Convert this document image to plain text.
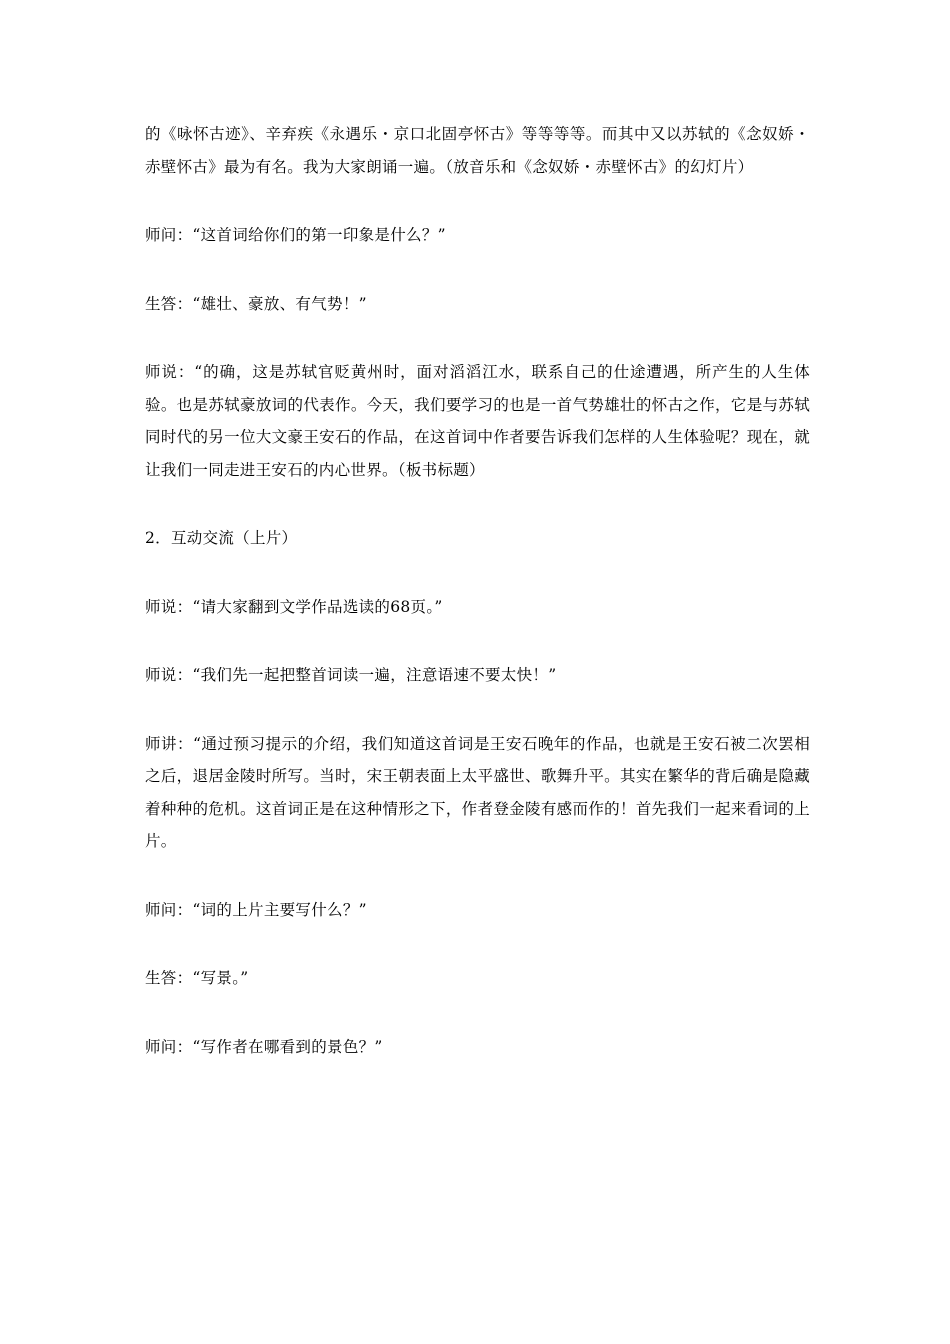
的《咏怀古迹》、辛弃疾《永遇乐・京口北固亭怀古》等等等等。而其中又以苏轼的《念奴娇・赤壁怀古》最为有名。我为大家朗诵一遍。（放音乐和《念奴娇・赤壁怀古》的幻灯片）

师问：“这首词给你们的第一印象是什么？”

生答：“雄壮、豪放、有气势！”

师说：“的确，这是苏轼官贬黄州时，面对滔滔江水，联系自己的仕途遭遇，所产生的人生体验。也是苏轼豪放词的代表作。今天，我们要学习的也是一首气势雄壮的怀古之作，它是与苏轼同时代的另一位大文豪王安石的作品，在这首词中作者要告诉我们怎样的人生体验呢？现在，就让我们一同走进王安石的内心世界。（板书标题）

2．互动交流（上片）

师说：“请大家翻到文学作品选读的68页。”

师说：“我们先一起把整首词读一遍，注意语速不要太快！”

师讲：“通过预习提示的介绍，我们知道这首词是王安石晚年的作品，也就是王安石被二次罢相之后，退居金陵时所写。当时，宋王朝表面上太平盛世、歌舞升平。其实在繁华的背后确是隐藏着种种的危机。这首词正是在这种情形之下，作者登金陵有感而作的！首先我们一起来看词的上片。

师问：“词的上片主要写什么？”

生答：“写景。”

师问：“写作者在哪看到的景色？”
